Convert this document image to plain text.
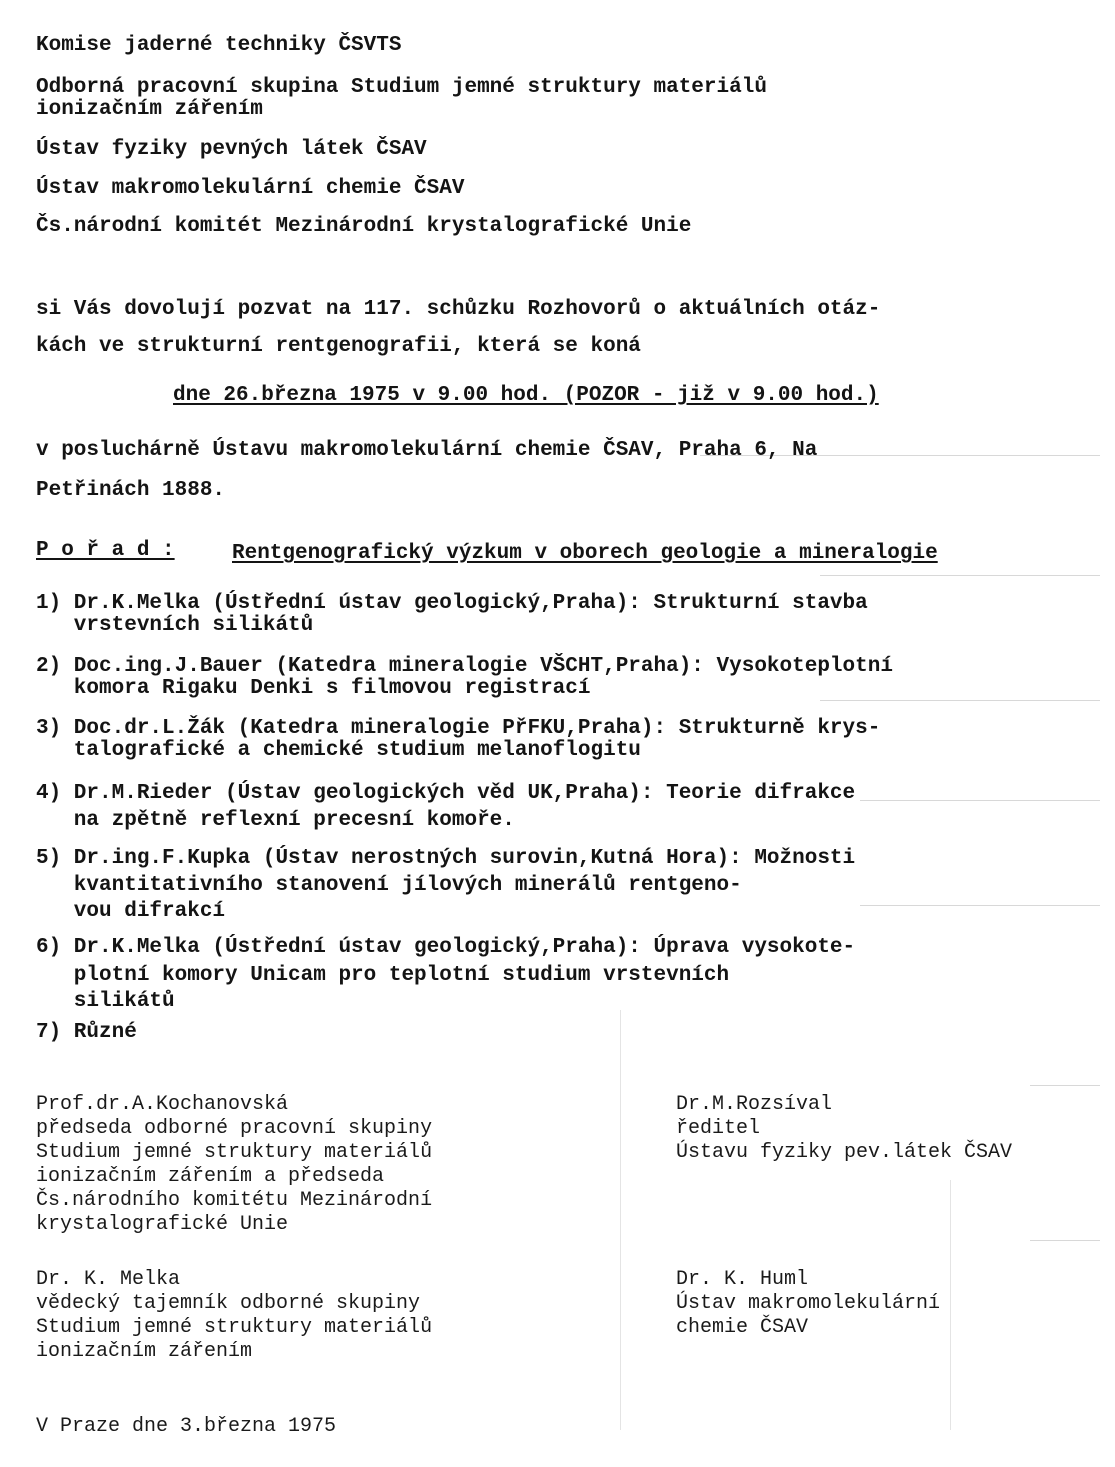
Komise jaderné techniky ČSVTS
Odborná pracovní skupina Studium jemné struktury materiálů
ionizačním zářením
Ústav fyziky pevných látek ČSAV
Ústav makromolekulární chemie ČSAV
Čs.národní komitét Mezinárodní krystalografické Unie
si Vás dovolují pozvat na 117. schůzku Rozhovorů o aktuálních otáz-
kách ve strukturní rentgenografii, která se koná
dne 26.března 1975 v 9.00 hod. (POZOR - již v 9.00 hod.)
v posluchárně Ústavu makromolekulární chemie ČSAV, Praha 6, Na
Petřinách 1888.
P o ř a d :	Rentgenografický výzkum v oborech geologie a mineralogie
1) Dr.K.Melka (Ústřední ústav geologický,Praha): Strukturní stavba
vrstevních silikátů
2) Doc.ing.J.Bauer (Katedra mineralogie VŠCHT,Praha): Vysokoteplotní
komora Rigaku Denki s filmovou registrací
3) Doc.dr.L.Žák (Katedra mineralogie PřFKU,Praha): Strukturně krys-
talografické a chemické studium melanoflogitu
4) Dr.M.Rieder (Ústav geologických věd UK,Praha): Teorie difrakce
na zpětně reflexní precesní komoře.
5) Dr.ing.F.Kupka (Ústav nerostných surovin,Kutná Hora): Možnosti
kvantitativního stanovení jílových minerálů rentgeno-
vou difrakcí
6) Dr.K.Melka (Ústřední ústav geologický,Praha): Úprava vysokote-
plotní komory Unicam pro teplotní studium vrstevních
silikátů
7) Různé
Prof.dr.A.Kochanovská
předseda odborné pracovní skupiny
Studium jemné struktury materiálů
ionizačním zářením a předseda
Čs.národního komitétu Mezinárodní
krystalografické Unie
Dr.M.Rozsíval
ředitel
Ústavu fyziky pev.látek ČSAV
Dr. K. Melka
vědecký tajemník odborné skupiny
Studium jemné struktury materiálů
ionizačním zářením
Dr. K. Huml
Ústav makromolekulární
chemie ČSAV
V Praze dne 3.března 1975
